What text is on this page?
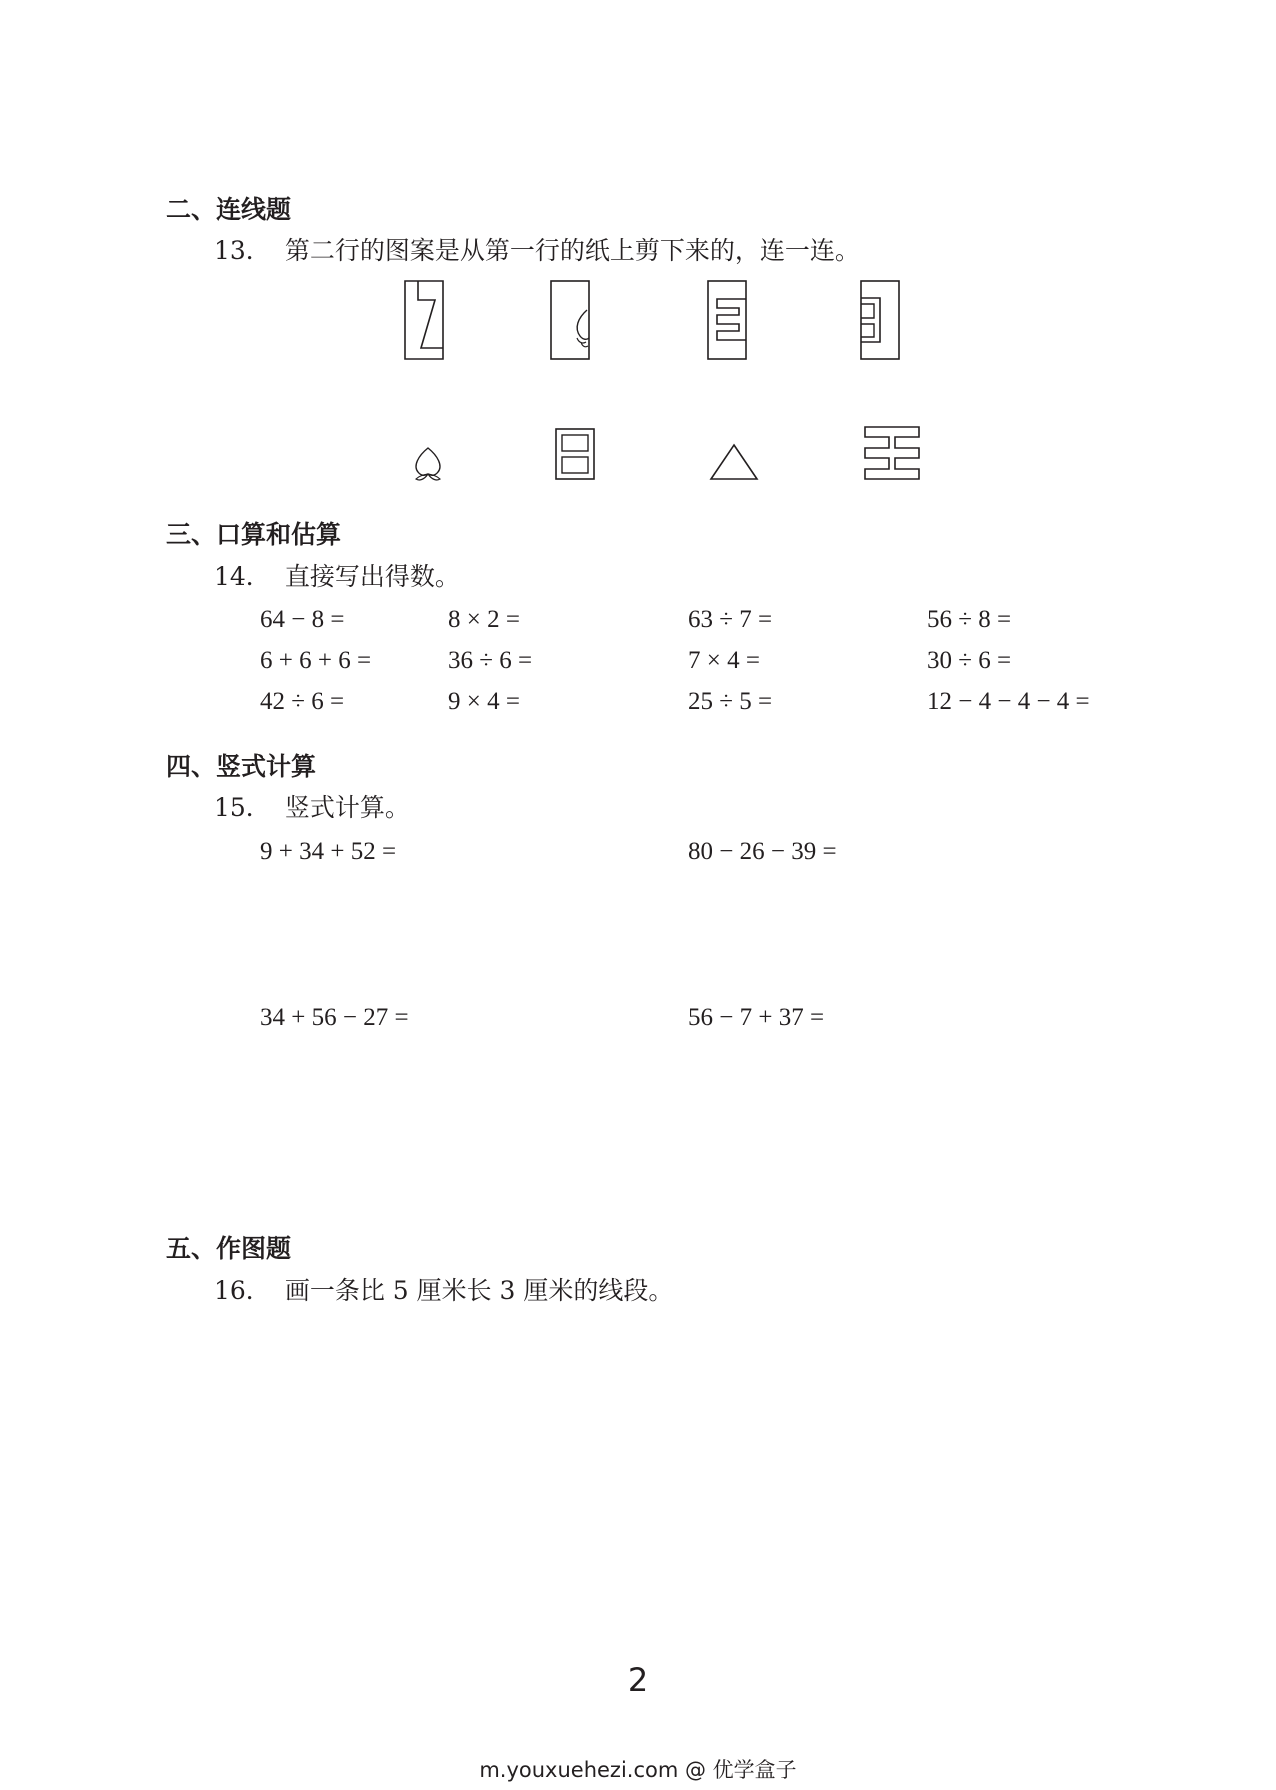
二、连线题
13． 第二行的图案是从第一行的纸上剪下来的，连一连。
三、口算和估算
14． 直接写出得数。
64 − 8 =	8 × 2 =	63 ÷ 7 =	56 ÷ 8 =
6 + 6 + 6 =	36 ÷ 6 =	7 × 4 =	30 ÷ 6 =
42 ÷ 6 =	9 × 4 =	25 ÷ 5 =	12 − 4 − 4 − 4 =
四、竖式计算
15． 竖式计算。
9 + 34 + 52 =	80 − 26 − 39 =
34 + 56 − 27 =	56 − 7 + 37 =
五、作图题
16． 画一条比 5 厘米长 3 厘米的线段。
2
m.youxuehezi.com @ 优学盒子
